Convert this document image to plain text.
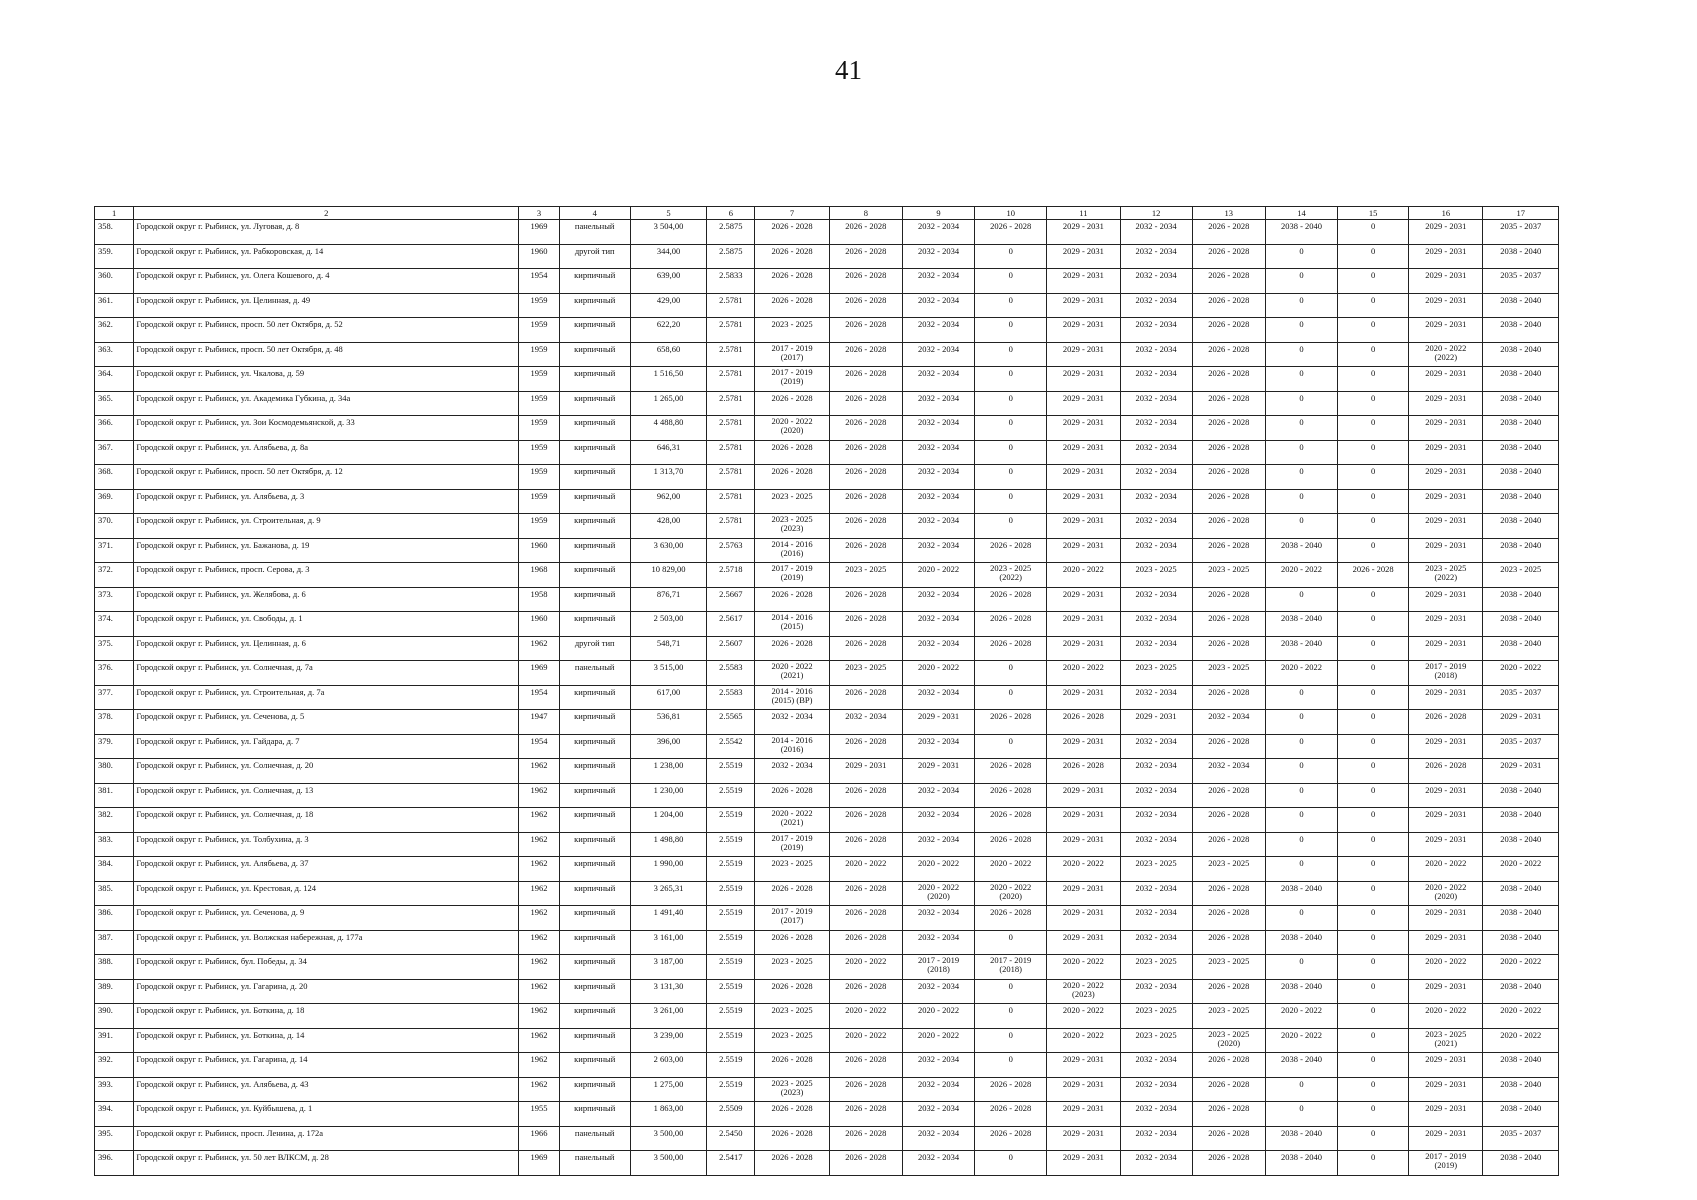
41
1	2	3	4	5	6	7	8	9	10	11	12	13	14	15	16	17
358.	Городской округ г. Рыбинск, ул. Луговая, д. 8	1969	панельный	3 504,00	2.5875	2026 - 2028	2026 - 2028	2032 - 2034	2026 - 2028	2029 - 2031	2032 - 2034	2026 - 2028	2038 - 2040	0	2029 - 2031	2035 - 2037
359.	Городской округ г. Рыбинск, ул. Рабкоровская, д. 14	1960	другой тип	344,00	2.5875	2026 - 2028	2026 - 2028	2032 - 2034	0	2029 - 2031	2032 - 2034	2026 - 2028	0	0	2029 - 2031	2038 - 2040
360.	Городской округ г. Рыбинск, ул. Олега Кошевого, д. 4	1954	кирпичный	639,00	2.5833	2026 - 2028	2026 - 2028	2032 - 2034	0	2029 - 2031	2032 - 2034	2026 - 2028	0	0	2029 - 2031	2035 - 2037
361.	Городской округ г. Рыбинск, ул. Целинная, д. 49	1959	кирпичный	429,00	2.5781	2026 - 2028	2026 - 2028	2032 - 2034	0	2029 - 2031	2032 - 2034	2026 - 2028	0	0	2029 - 2031	2038 - 2040
362.	Городской округ г. Рыбинск, просп. 50 лет Октября, д. 52	1959	кирпичный	622,20	2.5781	2023 - 2025	2026 - 2028	2032 - 2034	0	2029 - 2031	2032 - 2034	2026 - 2028	0	0	2029 - 2031	2038 - 2040
363.	Городской округ г. Рыбинск, просп. 50 лет Октября, д. 48	1959	кирпичный	658,60	2.5781	2017 - 2019
(2017)	2026 - 2028	2032 - 2034	0	2029 - 2031	2032 - 2034	2026 - 2028	0	0	2020 - 2022
(2022)	2038 - 2040
364.	Городской округ г. Рыбинск, ул. Чкалова, д. 59	1959	кирпичный	1 516,50	2.5781	2017 - 2019
(2019)	2026 - 2028	2032 - 2034	0	2029 - 2031	2032 - 2034	2026 - 2028	0	0	2029 - 2031	2038 - 2040
365.	Городской округ г. Рыбинск, ул. Академика Губкина, д. 34а	1959	кирпичный	1 265,00	2.5781	2026 - 2028	2026 - 2028	2032 - 2034	0	2029 - 2031	2032 - 2034	2026 - 2028	0	0	2029 - 2031	2038 - 2040
366.	Городской округ г. Рыбинск, ул. Зои Космодемьянской, д. 33	1959	кирпичный	4 488,80	2.5781	2020 - 2022
(2020)	2026 - 2028	2032 - 2034	0	2029 - 2031	2032 - 2034	2026 - 2028	0	0	2029 - 2031	2038 - 2040
367.	Городской округ г. Рыбинск, ул. Алябьева, д. 8а	1959	кирпичный	646,31	2.5781	2026 - 2028	2026 - 2028	2032 - 2034	0	2029 - 2031	2032 - 2034	2026 - 2028	0	0	2029 - 2031	2038 - 2040
368.	Городской округ г. Рыбинск, просп. 50 лет Октября, д. 12	1959	кирпичный	1 313,70	2.5781	2026 - 2028	2026 - 2028	2032 - 2034	0	2029 - 2031	2032 - 2034	2026 - 2028	0	0	2029 - 2031	2038 - 2040
369.	Городской округ г. Рыбинск, ул. Алябьева, д. 3	1959	кирпичный	962,00	2.5781	2023 - 2025	2026 - 2028	2032 - 2034	0	2029 - 2031	2032 - 2034	2026 - 2028	0	0	2029 - 2031	2038 - 2040
370.	Городской округ г. Рыбинск, ул. Строительная, д. 9	1959	кирпичный	428,00	2.5781	2023 - 2025
(2023)	2026 - 2028	2032 - 2034	0	2029 - 2031	2032 - 2034	2026 - 2028	0	0	2029 - 2031	2038 - 2040
371.	Городской округ г. Рыбинск, ул. Бажанова, д. 19	1960	кирпичный	3 630,00	2.5763	2014 - 2016
(2016)	2026 - 2028	2032 - 2034	2026 - 2028	2029 - 2031	2032 - 2034	2026 - 2028	2038 - 2040	0	2029 - 2031	2038 - 2040
372.	Городской округ г. Рыбинск, просп. Серова, д. 3	1968	кирпичный	10 829,00	2.5718	2017 - 2019
(2019)	2023 - 2025	2020 - 2022	2023 - 2025
(2022)	2020 - 2022	2023 - 2025	2023 - 2025	2020 - 2022	2026 - 2028	2023 - 2025
(2022)	2023 - 2025
373.	Городской округ г. Рыбинск, ул. Желябова, д. 6	1958	кирпичный	876,71	2.5667	2026 - 2028	2026 - 2028	2032 - 2034	2026 - 2028	2029 - 2031	2032 - 2034	2026 - 2028	0	0	2029 - 2031	2038 - 2040
374.	Городской округ г. Рыбинск, ул. Свободы, д. 1	1960	кирпичный	2 503,00	2.5617	2014 - 2016
(2015)	2026 - 2028	2032 - 2034	2026 - 2028	2029 - 2031	2032 - 2034	2026 - 2028	2038 - 2040	0	2029 - 2031	2038 - 2040
375.	Городской округ г. Рыбинск, ул. Целинная, д. 6	1962	другой тип	548,71	2.5607	2026 - 2028	2026 - 2028	2032 - 2034	2026 - 2028	2029 - 2031	2032 - 2034	2026 - 2028	2038 - 2040	0	2029 - 2031	2038 - 2040
376.	Городской округ г. Рыбинск, ул. Солнечная, д. 7а	1969	панельный	3 515,00	2.5583	2020 - 2022
(2021)	2023 - 2025	2020 - 2022	0	2020 - 2022	2023 - 2025	2023 - 2025	2020 - 2022	0	2017 - 2019
(2018)	2020 - 2022
377.	Городской округ г. Рыбинск, ул. Строительная, д. 7а	1954	кирпичный	617,00	2.5583	2014 - 2016
(2015) (ВР)	2026 - 2028	2032 - 2034	0	2029 - 2031	2032 - 2034	2026 - 2028	0	0	2029 - 2031	2035 - 2037
378.	Городской округ г. Рыбинск, ул. Сеченова, д. 5	1947	кирпичный	536,81	2.5565	2032 - 2034	2032 - 2034	2029 - 2031	2026 - 2028	2026 - 2028	2029 - 2031	2032 - 2034	0	0	2026 - 2028	2029 - 2031
379.	Городской округ г. Рыбинск, ул. Гайдара, д. 7	1954	кирпичный	396,00	2.5542	2014 - 2016
(2016)	2026 - 2028	2032 - 2034	0	2029 - 2031	2032 - 2034	2026 - 2028	0	0	2029 - 2031	2035 - 2037
380.	Городской округ г. Рыбинск, ул. Солнечная, д. 20	1962	кирпичный	1 238,00	2.5519	2032 - 2034	2029 - 2031	2029 - 2031	2026 - 2028	2026 - 2028	2032 - 2034	2032 - 2034	0	0	2026 - 2028	2029 - 2031
381.	Городской округ г. Рыбинск, ул. Солнечная, д. 13	1962	кирпичный	1 230,00	2.5519	2026 - 2028	2026 - 2028	2032 - 2034	2026 - 2028	2029 - 2031	2032 - 2034	2026 - 2028	0	0	2029 - 2031	2038 - 2040
382.	Городской округ г. Рыбинск, ул. Солнечная, д. 18	1962	кирпичный	1 204,00	2.5519	2020 - 2022
(2021)	2026 - 2028	2032 - 2034	2026 - 2028	2029 - 2031	2032 - 2034	2026 - 2028	0	0	2029 - 2031	2038 - 2040
383.	Городской округ г. Рыбинск, ул. Толбухина, д. 3	1962	кирпичный	1 498,80	2.5519	2017 - 2019
(2019)	2026 - 2028	2032 - 2034	2026 - 2028	2029 - 2031	2032 - 2034	2026 - 2028	0	0	2029 - 2031	2038 - 2040
384.	Городской округ г. Рыбинск, ул. Алябьева, д. 37	1962	кирпичный	1 990,00	2.5519	2023 - 2025	2020 - 2022	2020 - 2022	2020 - 2022	2020 - 2022	2023 - 2025	2023 - 2025	0	0	2020 - 2022	2020 - 2022
385.	Городской округ г. Рыбинск, ул. Крестовая, д. 124	1962	кирпичный	3 265,31	2.5519	2026 - 2028	2026 - 2028	2020 - 2022
(2020)	2020 - 2022
(2020)	2029 - 2031	2032 - 2034	2026 - 2028	2038 - 2040	0	2020 - 2022
(2020)	2038 - 2040
386.	Городской округ г. Рыбинск, ул. Сеченова, д. 9	1962	кирпичный	1 491,40	2.5519	2017 - 2019
(2017)	2026 - 2028	2032 - 2034	2026 - 2028	2029 - 2031	2032 - 2034	2026 - 2028	0	0	2029 - 2031	2038 - 2040
387.	Городской округ г. Рыбинск, ул. Волжская набережная, д. 177а	1962	кирпичный	3 161,00	2.5519	2026 - 2028	2026 - 2028	2032 - 2034	0	2029 - 2031	2032 - 2034	2026 - 2028	2038 - 2040	0	2029 - 2031	2038 - 2040
388.	Городской округ г. Рыбинск, бул. Победы, д. 34	1962	кирпичный	3 187,00	2.5519	2023 - 2025	2020 - 2022	2017 - 2019
(2018)	2017 - 2019
(2018)	2020 - 2022	2023 - 2025	2023 - 2025	0	0	2020 - 2022	2020 - 2022
389.	Городской округ г. Рыбинск, ул. Гагарина, д. 20	1962	кирпичный	3 131,30	2.5519	2026 - 2028	2026 - 2028	2032 - 2034	0	2020 - 2022
(2023)	2032 - 2034	2026 - 2028	2038 - 2040	0	2029 - 2031	2038 - 2040
390.	Городской округ г. Рыбинск, ул. Боткина, д. 18	1962	кирпичный	3 261,00	2.5519	2023 - 2025	2020 - 2022	2020 - 2022	0	2020 - 2022	2023 - 2025	2023 - 2025	2020 - 2022	0	2020 - 2022	2020 - 2022
391.	Городской округ г. Рыбинск, ул. Боткина, д. 14	1962	кирпичный	3 239,00	2.5519	2023 - 2025	2020 - 2022	2020 - 2022	0	2020 - 2022	2023 - 2025	2023 - 2025
(2020)	2020 - 2022	0	2023 - 2025
(2021)	2020 - 2022
392.	Городской округ г. Рыбинск, ул. Гагарина, д. 14	1962	кирпичный	2 603,00	2.5519	2026 - 2028	2026 - 2028	2032 - 2034	0	2029 - 2031	2032 - 2034	2026 - 2028	2038 - 2040	0	2029 - 2031	2038 - 2040
393.	Городской округ г. Рыбинск, ул. Алябьева, д. 43	1962	кирпичный	1 275,00	2.5519	2023 - 2025
(2023)	2026 - 2028	2032 - 2034	2026 - 2028	2029 - 2031	2032 - 2034	2026 - 2028	0	0	2029 - 2031	2038 - 2040
394.	Городской округ г. Рыбинск, ул. Куйбышева, д. 1	1955	кирпичный	1 863,00	2.5509	2026 - 2028	2026 - 2028	2032 - 2034	2026 - 2028	2029 - 2031	2032 - 2034	2026 - 2028	0	0	2029 - 2031	2038 - 2040
395.	Городской округ г. Рыбинск, просп. Ленина, д. 172а	1966	панельный	3 500,00	2.5450	2026 - 2028	2026 - 2028	2032 - 2034	2026 - 2028	2029 - 2031	2032 - 2034	2026 - 2028	2038 - 2040	0	2029 - 2031	2035 - 2037
396.	Городской округ г. Рыбинск, ул. 50 лет ВЛКСМ, д. 28	1969	панельный	3 500,00	2.5417	2026 - 2028	2026 - 2028	2032 - 2034	0	2029 - 2031	2032 - 2034	2026 - 2028	2038 - 2040	0	2017 - 2019
(2019)	2038 - 2040
